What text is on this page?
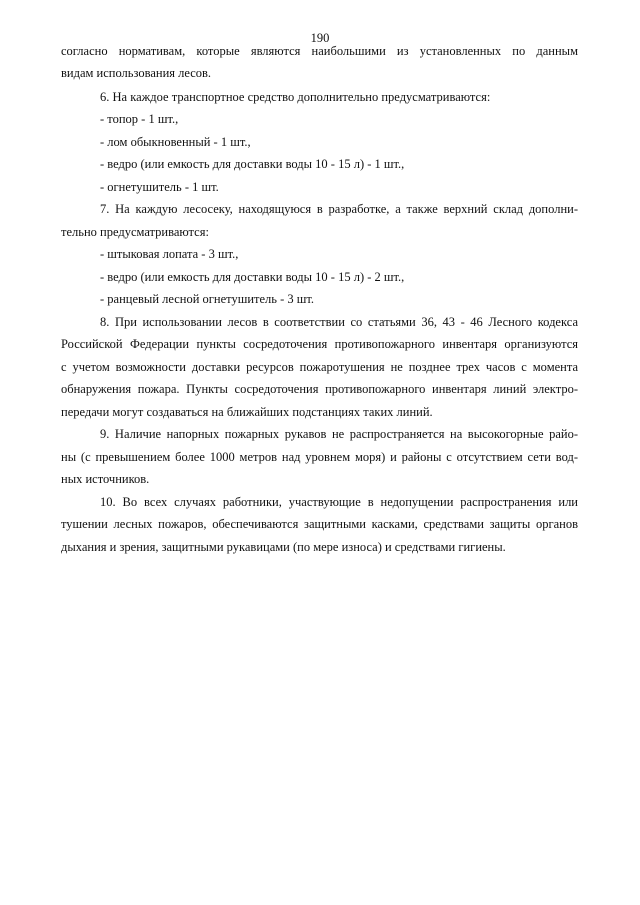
190
согласно нормативам, которые являются наибольшими из установленных по данным
видам использования лесов.
6. На каждое транспортное средство дополнительно предусматриваются:
- топор - 1 шт.,
- лом обыкновенный - 1 шт.,
- ведро (или емкость для доставки воды 10 - 15 л) - 1 шт.,
- огнетушитель - 1 шт.
7. На каждую лесосеку, находящуюся в разработке, а также верхний склад дополни-
тельно предусматриваются:
- штыковая лопата - 3 шт.,
- ведро (или емкость для доставки воды 10 - 15 л) - 2 шт.,
- ранцевый лесной огнетушитель - 3 шт.
8. При использовании лесов в соответствии со статьями 36, 43 - 46 Лесного кодекса
Российской Федерации пункты сосредоточения противопожарного инвентаря организуются
с учетом возможности доставки ресурсов пожаротушения не позднее трех часов с момента
обнаружения пожара. Пункты сосредоточения противопожарного инвентаря линий электро-
передачи могут создаваться на ближайших подстанциях таких линий.
9. Наличие напорных пожарных рукавов не распространяется на высокогорные райо-
ны (с превышением более 1000 метров над уровнем моря) и районы с отсутствием сети вод-
ных источников.
10. Во всех случаях работники, участвующие в недопущении распространения или
тушении лесных пожаров, обеспечиваются защитными касками, средствами защиты органов
дыхания и зрения, защитными рукавицами (по мере износа) и средствами гигиены.
